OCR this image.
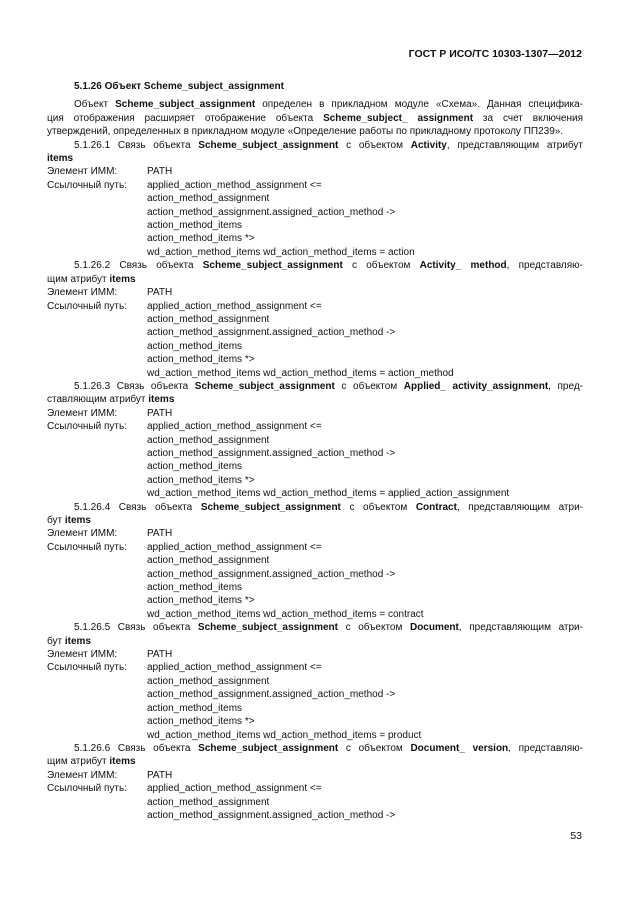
ГОСТ Р ИСО/ТС 10303-1307—2012
5.1.26 Объект Scheme_subject_assignment
Объект Scheme_subject_assignment определен в прикладном модуле «Схема». Данная специфика-
ция отображения расширяет отображение объекта Scheme_subject_ assignment за счет включения
утверждений, определенных в прикладном модуле «Определение работы по прикладному протоколу ПП239».
5.1.26.1 Связь объекта Scheme_subject_assignment с объектом Activity, представляющим атрибут
items
Элемент ИММ:	PATH
Ссылочный путь:	applied_action_method_assignment <=
action_method_assignment
action_method_assignment.assigned_action_method ->
action_method_items
action_method_items *>
wd_action_method_items wd_action_method_items = action
5.1.26.2 Связь объекта Scheme_subject_assignment с объектом Activity_ method, представляю-
щим атрибут items
Элемент ИММ:	PATH
Ссылочный путь:	applied_action_method_assignment <=
action_method_assignment
action_method_assignment.assigned_action_method ->
action_method_items
action_method_items *>
wd_action_method_items wd_action_method_items = action_method
5.1.26.3 Связь объекта Scheme_subject_assignment с объектом Applied_ activity_assignment, пред-
ставляющим атрибут items
Элемент ИММ:	PATH
Ссылочный путь:	applied_action_method_assignment <=
action_method_assignment
action_method_assignment.assigned_action_method ->
action_method_items
action_method_items *>
wd_action_method_items wd_action_method_items = applied_action_assignment
5.1.26.4 Связь объекта Scheme_subject_assignment с объектом Contract, представляющим атри-
бут items
Элемент ИММ:	PATH
Ссылочный путь:	applied_action_method_assignment <=
action_method_assignment
action_method_assignment.assigned_action_method ->
action_method_items
action_method_items *>
wd_action_method_items wd_action_method_items = contract
5.1.26.5 Связь объекта Scheme_subject_assignment с объектом Document, представляющим атри-
бут items
Элемент ИММ:	PATH
Ссылочный путь:	applied_action_method_assignment <=
action_method_assignment
action_method_assignment.assigned_action_method ->
action_method_items
action_method_items *>
wd_action_method_items wd_action_method_items = product
5.1.26.6 Связь объекта Scheme_subject_assignment с объектом Document_ version, представляю-
щим атрибут items
Элемент ИММ:	PATH
Ссылочный путь:	applied_action_method_assignment <=
action_method_assignment
action_method_assignment.assigned_action_method ->
53
